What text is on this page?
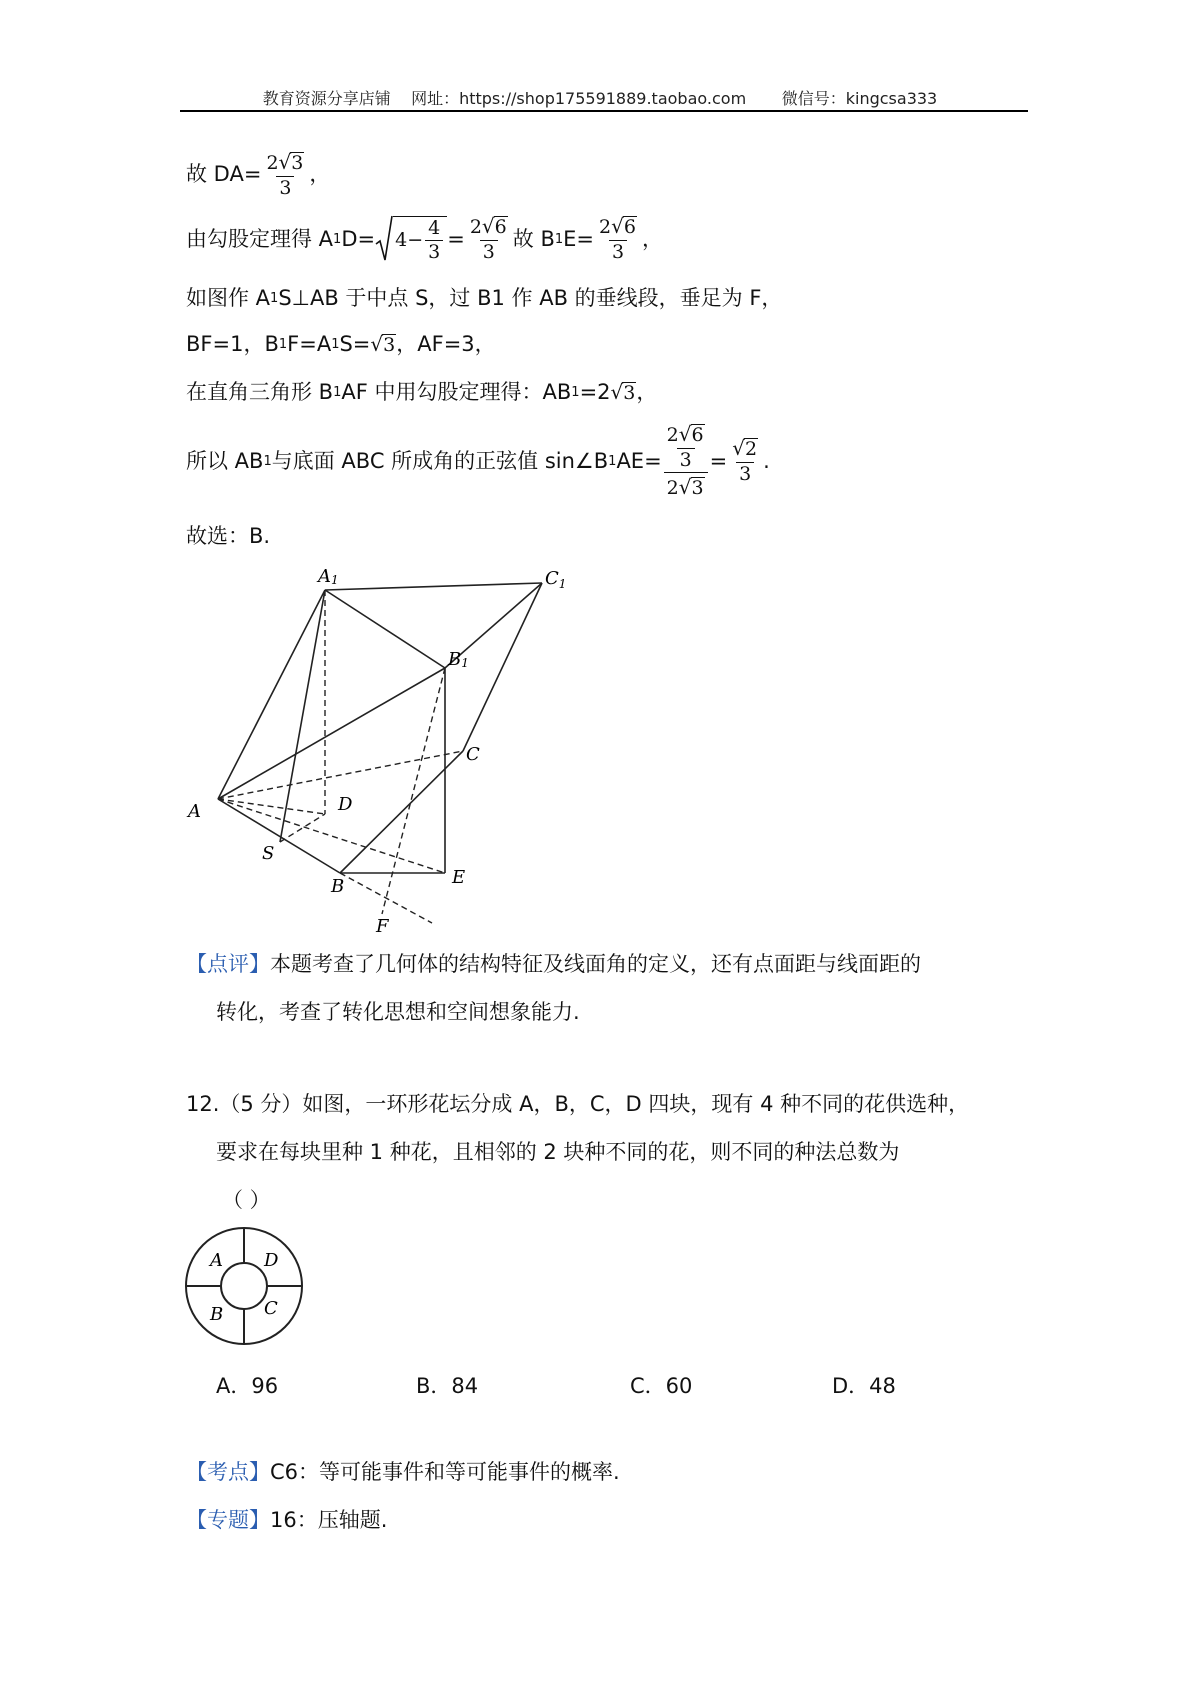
教育资源分享店铺    网址：https://shop175591889.taobao.com       微信号：kingcsa333
故 $DA= \frac{2 √ 3}{3}$ ，
由勾股定理得 A 1 $D= 4- \frac{4}{3} = \frac{2 √ 6}{3}$ 故 B 1 $E= \frac{2 √ 6}{3}$ ，
如图作 A 1 S⊥AB 于中点 S，过 B1 作 AB 的垂线段，垂足为 F，
BF=1，B 1 F=A 1 S= √ 3 ，AF=3，
在直角三角形 B 1 AF 中用勾股定理得：AB 1 =2 √ 3 ，
所以 AB 1 与底面 ABC 所成角的正弦值 sin∠B 1 $AE= \frac{\frac{2 √ 6}{3}}{2 √ 3} = \frac{√ 2}{3}$ .
故选：B.
A1	$C_1$
B1
C
A	D
S
B	E
F
【点评】 本题考查了几何体的结构特征及线面角的定义，还有点面距与线面距的
转化，考查了转化思想和空间想象能力.
12.（5 分）如图，一环形花坛分成 A，B，C，D 四块，现有 4 种不同的花供选种，
要求在每块里种 1 种花，且相邻的 2 块种不同的花，则不同的种法总数为
（ ）
A D
B C
A．96	B．84	C．60	D．48
【考点】 C6：等可能事件和等可能事件的概率.
【专题】 16：压轴题.
